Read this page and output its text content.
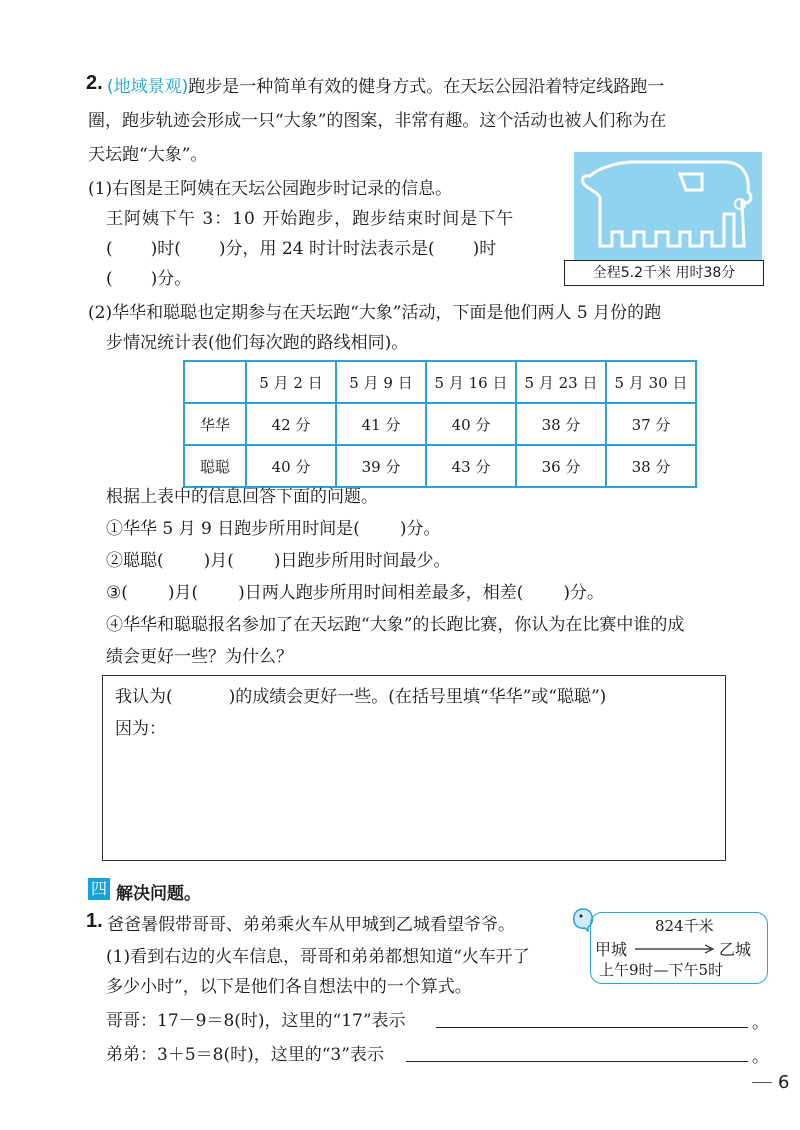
2. (地域景观)跑步是一种简单有效的健身方式。在天坛公园沿着特定线路跑一
圈，跑步轨迹会形成一只“大象”的图案，非常有趣。这个活动也被人们称为在
天坛跑“大象”。
(1)右图是王阿姨在天坛公园跑步时记录的信息。
王阿姨下午 3：10 开始跑步，跑步结束时间是下午
( )时( )分，用 24 时计时法表示是( )时
( )分。	全程5.2千米 用时38分
(2)华华和聪聪也定期参与在天坛跑“大象”活动，下面是他们两人 5 月份的跑
步情况统计表(他们每次跑的路线相同)。
	5 月 2 日	5 月 9 日	5 月 16 日	5 月 23 日	5 月 30 日
华华	42 分	41 分	40 分	38 分	37 分
聪聪	40 分	39 分	43 分	36 分	38 分
根据上表中的信息回答下面的问题。
①华华 5 月 9 日跑步所用时间是( )分。
②聪聪( )月( )日跑步所用时间最少。
③( )月( )日两人跑步所用时间相差最多，相差( )分。
④华华和聪聪报名参加了在天坛跑“大象”的长跑比赛，你认为在比赛中谁的成
绩会更好一些？为什么？
我认为(	)的成绩会更好一些。(在括号里填“华华”或“聪聪”)
因为：
四 解决问题。
1. 爸爸暑假带哥哥、弟弟乘火车从甲城到乙城看望爷爷。
(1)看到右边的火车信息，哥哥和弟弟都想知道“火车开了
多少小时”，以下是他们各自想法中的一个算式。
824千米
甲城	乙城
上午9时—下午5时
哥哥：17－9＝8(时)，这里的“17”表示	。
弟弟：3＋5＝8(时)，这里的“3”表示	。
6
